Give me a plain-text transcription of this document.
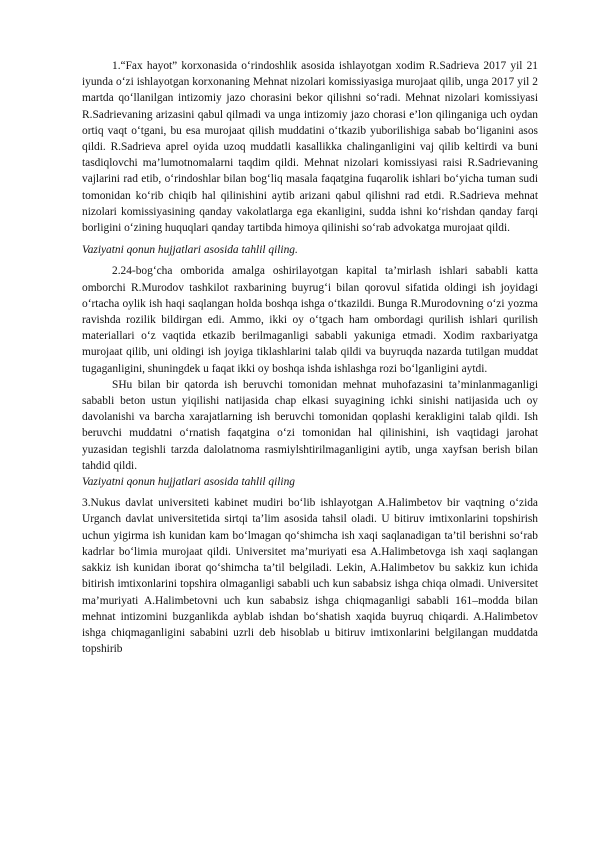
1.“Fax hayot” korxonasida o‘rindoshlik asosida ishlayotgan xodim R.Sadrieva 2017 yil 21 iyunda o‘zi ishlayotgan korxonaning Mehnat nizolari komissiyasiga murojaat qilib, unga 2017 yil 2 martda qo‘llanilgan intizomiy jazo chorasini bekor qilishni so‘radi. Mehnat nizolari komissiyasi R.Sadrievaning arizasini qabul qilmadi va unga intizomiy jazo chorasi e’lon qilinganiga uch oydan ortiq vaqt o‘tgani, bu esa murojaat qilish muddatini o‘tkazib yuborilishiga sabab bo‘liganini asos qildi. R.Sadrieva aprel oyida uzoq muddatli kasallikka chalinganligini vaj qilib keltirdi va buni tasdiqlovchi ma’lumotnomalarni taqdim qildi. Mehnat nizolari komissiyasi raisi R.Sadrievaning vajlarini rad etib, o‘rindoshlar bilan bog‘liq masala faqatgina fuqarolik ishlari bo‘yicha tuman sudi tomonidan ko‘rib chiqib hal qilinishini aytib arizani qabul qilishni rad etdi. R.Sadrieva mehnat nizolari komissiyasining qanday vakolatlarga ega ekanligini, sudda ishni ko‘rishdan qanday farqi borligini o‘zining huquqlari qanday tartibda himoya qilinishi so‘rab advokatga murojaat qildi.

Vaziyatni qonun hujjatlari asosida tahlil qiling.

2.24-bog‘cha omborida amalga oshirilayotgan kapital ta’mirlash ishlari sababli katta omborchi R.Murodov tashkilot raxbarining buyrug‘i bilan qorovul sifatida oldingi ish joyidagi o‘rtacha oylik ish haqi saqlangan holda boshqa ishga o‘tkazildi. Bunga R.Murodovning o‘zi yozma ravishda rozilik bildirgan edi. Ammo, ikki oy o‘tgach ham ombordagi qurilish ishlari qurilish materiallari o‘z vaqtida etkazib berilmaganligi sababli yakuniga etmadi. Xodim raxbariyatga murojaat qilib, uni oldingi ish joyiga tiklashlarini talab qildi va buyruqda nazarda tutilgan muddat tugaganligini, shuningdek u faqat ikki oy boshqa ishda ishlashga rozi bo‘lganligini aytdi.

SHu bilan bir qatorda ish beruvchi tomonidan mehnat muhofazasini ta’minlanmaganligi sababli beton ustun yiqilishi natijasida chap elkasi suyagining ichki sinishi natijasida uch oy davolanishi va barcha xarajatlarning ish beruvchi tomonidan qoplashi kerakligini talab qildi. Ish beruvchi muddatni o‘rnatish faqatgina o‘zi tomonidan hal qilinishini, ish vaqtidagi jarohat yuzasidan tegishli tarzda dalolatnoma rasmiylshtirilmaganligini aytib, unga xayfsan berish bilan tahdid qildi.

Vaziyatni qonun hujjatlari asosida tahlil qiling

3.Nukus davlat universiteti kabinet mudiri bo‘lib ishlayotgan A.Halimbetov bir vaqtning o‘zida Urganch davlat universitetida sirtqi ta’lim asosida tahsil oladi. U bitiruv imtixonlarini topshirish uchun yigirma ish kunidan kam bo‘lmagan qo‘shimcha ish xaqi saqlanadigan ta’til berishni so‘rab kadrlar bo‘limia murojaat qildi. Universitet ma’muriyati esa A.Halimbetovga ish xaqi saqlangan sakkiz ish kunidan iborat qo‘shimcha ta’til belgiladi. Lekin, A.Halimbetov bu sakkiz kun ichida bitirish imtixonlarini topshira olmaganligi sababli uch kun sababsiz ishga chiqa olmadi. Universitet ma’muriyati A.Halimbetovni uch kun sababsiz ishga chiqmaganligi sababli 161–modda bilan mehnat intizomini buzganlikda ayblab ishdan bo‘shatish xaqida buyruq chiqardi. A.Halimbetov ishga chiqmaganligini sababini uzrli deb hisoblab u bitiruv imtixonlarini belgilangan muddatda topshirib
